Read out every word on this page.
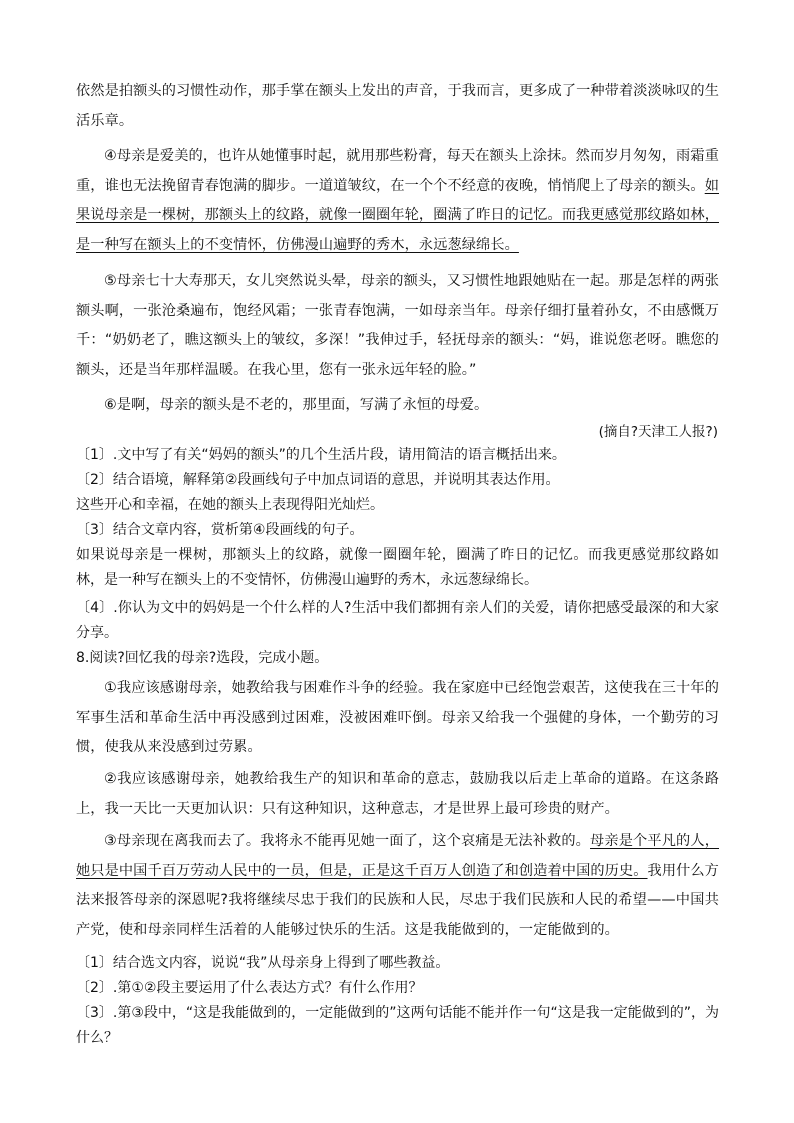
依然是拍额头的习惯性动作，那手掌在额头上发出的声音，于我而言，更多成了一种带着淡淡咏叹的生活乐章。
④母亲是爱美的，也许从她懂事时起，就用那些粉膏，每天在额头上涂抹。然而岁月匆匆，雨霜重重，谁也无法挽留青春饱满的脚步。一道道皱纹，在一个个不经意的夜晚，悄悄爬上了母亲的额头。如果说母亲是一棵树，那额头上的纹路，就像一圈圈年轮，圈满了昨日的记忆。而我更感觉那纹路如林，是一种写在额头上的不变情怀，仿佛漫山遍野的秀木，永远葱绿绵长。
⑤母亲七十大寿那天，女儿突然说头晕，母亲的额头，又习惯性地跟她贴在一起。那是怎样的两张额头啊，一张沧桑遍布，饱经风霜；一张青春饱满，一如母亲当年。母亲仔细打量着孙女，不由感慨万千：“奶奶老了，瞧这额头上的皱纹，多深！”我伸过手，轻抚母亲的额头：“妈，谁说您老呀。瞧您的额头，还是当年那样温暖。在我心里，您有一张永远年轻的脸。”
⑥是啊，母亲的额头是不老的，那里面，写满了永恒的母爱。
(摘自?天津工人报?)
〔1〕.文中写了有关“妈妈的额头”的几个生活片段，请用简洁的语言概括出来。
〔2〕结合语境，解释第②段画线句子中加点词语的意思，并说明其表达作用。
这些开心和幸福，在她的额头上表现得阳光灿烂。
〔3〕结合文章内容，赏析第④段画线的句子。
如果说母亲是一棵树，那额头上的纹路，就像一圈圈年轮，圈满了昨日的记忆。而我更感觉那纹路如林，是一种写在额头上的不变情怀，仿佛漫山遍野的秀木，永远葱绿绵长。
〔4〕.你认为文中的妈妈是一个什么样的人?生活中我们都拥有亲人们的关爱，请你把感受最深的和大家分享。
8.阅读?回忆我的母亲?选段，完成小题。
①我应该感谢母亲，她教给我与困难作斗争的经验。我在家庭中已经饱尝艰苦，这使我在三十年的军事生活和革命生活中再没感到过困难，没被困难吓倒。母亲又给我一个强健的身体，一个勤劳的习惯，使我从来没感到过劳累。
②我应该感谢母亲，她教给我生产的知识和革命的意志，鼓励我以后走上革命的道路。在这条路上，我一天比一天更加认识：只有这种知识，这种意志，才是世界上最可珍贵的财产。
③母亲现在离我而去了。我将永不能再见她一面了，这个哀痛是无法补救的。母亲是个平凡的人，她只是中国千百万劳动人民中的一员，但是，正是这千百万人创造了和创造着中国的历史。我用什么方法来报答母亲的深恩呢?我将继续尽忠于我们的民族和人民，尽忠于我们民族和人民的希望——中国共产党，使和母亲同样生活着的人能够过快乐的生活。这是我能做到的，一定能做到的。
〔1〕结合选文内容，说说“我”从母亲身上得到了哪些教益。
〔2〕.第①②段主要运用了什么表达方式？有什么作用？
〔3〕.第③段中，“这是我能做到的，一定能做到的”这两句话能不能并作一句“这是我一定能做到的”，为什么？
